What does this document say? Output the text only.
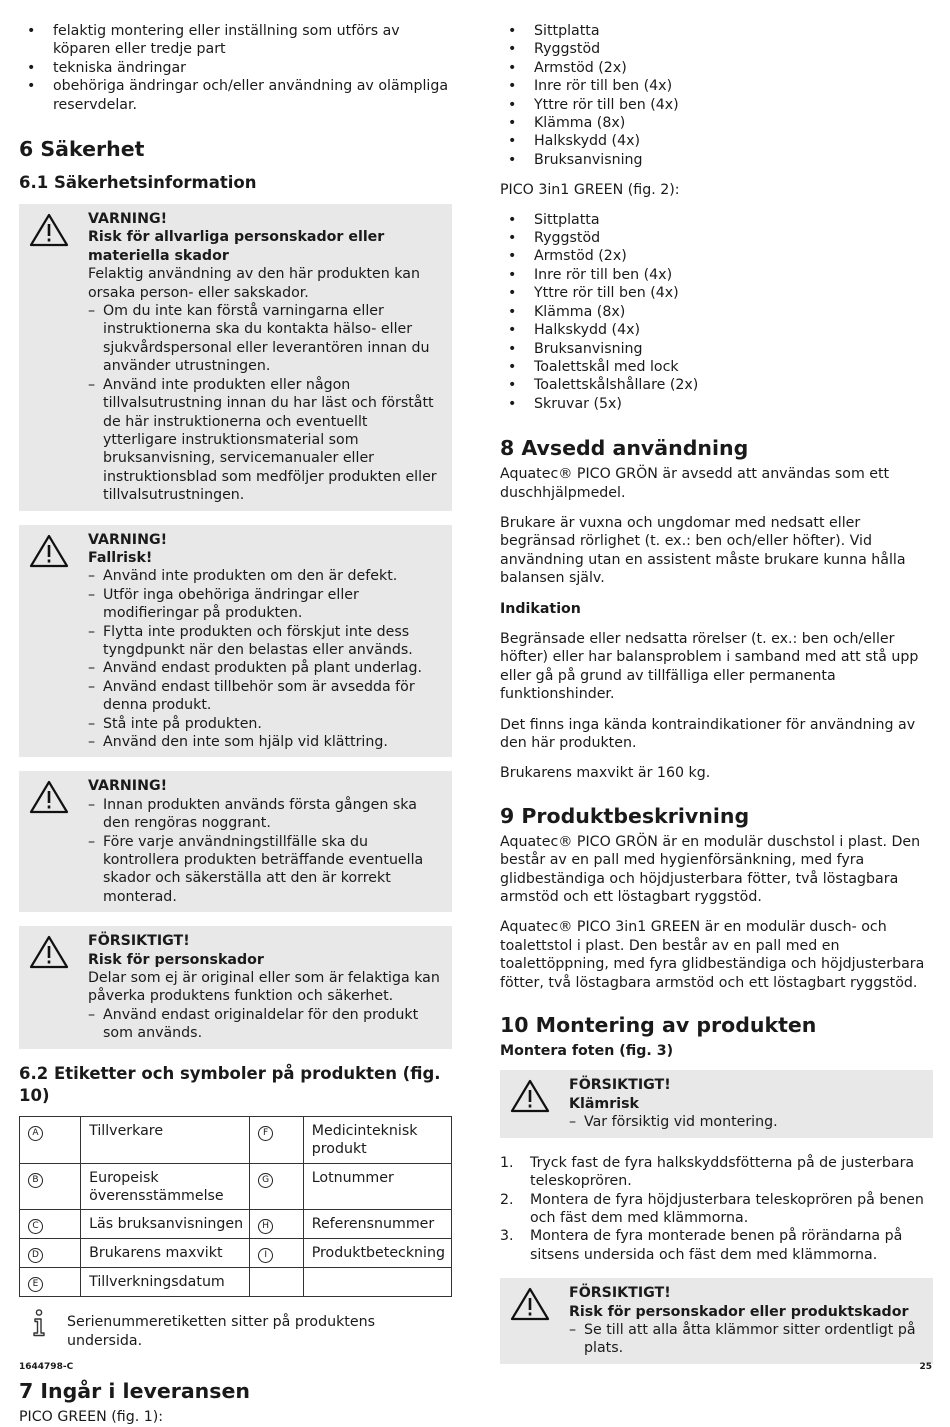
• felaktig montering eller inställning som utförs av köparen eller tredje part
• tekniska ändringar
• obehöriga ändringar och/eller användning av olämpliga reservdelar.
6 Säkerhet
6.1 Säkerhetsinformation
VARNING!
Risk för allvarliga personskador eller materiella skador

Felaktig användning av den här produkten kan orsaka person- eller sakskador.

– Om du inte kan förstå varningarna eller instruktionerna ska du kontakta hälso- eller sjukvårdspersonal eller leverantören innan du använder utrustningen.
– Använd inte produkten eller någon tillvalsutrustning innan du har läst och förstått de här instruktionerna och eventuellt ytterligare instruktionsmaterial som bruksanvisning, servicemanualer eller instruktionsblad som medföljer produkten eller tillvalsutrustningen.
VARNING!
Fallrisk!
– Använd inte produkten om den är defekt.
– Utför inga obehöriga ändringar eller modifieringar på produkten.
– Flytta inte produkten och förskjut inte dess tyngdpunkt när den belastas eller används.
– Använd endast produkten på plant underlag.
– Använd endast tillbehör som är avsedda för denna produkt.
– Stå inte på produkten.
– Använd den inte som hjälp vid klättring.
VARNING!
– Innan produkten används första gången ska den rengöras noggrant.
– Före varje användningstillfälle ska du kontrollera produkten beträffande eventuella skador och säkerställa att den är korrekt monterad.
FÖRSIKTIGT!
Risk för personskador

Delar som ej är original eller som är felaktiga kan påverka produktens funktion och säkerhet.

– Använd endast originaldelar för den produkt som används.
6.2 Etiketter och symboler på produkten (fig. 10)
A	Tillverkare	F	Medicinteknisk produkt
B	Europeisk överensstämmelse	G	Lotnummer
C	Läs bruksanvisningen	H	Referensnummer
D	Brukarens maxvikt	I	Produktbeteckning
E	Tillverkningsdatum		
Serienummeretiketten sitter på produktens undersida.
7 Ingår i leveransen

PICO GREEN (fig. 1):

• Sittplatta
• Ryggstöd
• Armstöd (2x)
• Inre rör till ben (4x)
• Yttre rör till ben (4x)
• Klämma (8x)
• Halkskydd (4x)
• Bruksanvisning

PICO 3in1 GREEN (fig. 2):

• Sittplatta
• Ryggstöd
• Armstöd (2x)
• Inre rör till ben (4x)
• Yttre rör till ben (4x)
• Klämma (8x)
• Halkskydd (4x)
• Bruksanvisning
• Toalettskål med lock
• Toalettskålshållare (2x)
• Skruvar (5x)
8 Avsedd användning

Aquatec® PICO GRÖN är avsedd att användas som ett duschhjälpmedel.

Brukare är vuxna och ungdomar med nedsatt eller begränsad rörlighet (t. ex.: ben och/eller höfter). Vid användning utan en assistent måste brukare kunna hålla balansen själv.

Indikation

Begränsade eller nedsatta rörelser (t. ex.: ben och/eller höfter) eller har balansproblem i samband med att stå upp eller gå på grund av tillfälliga eller permanenta funktionshinder.

Det finns inga kända kontraindikationer för användning av den här produkten.

Brukarens maxvikt är 160 kg.

9 Produktbeskrivning

Aquatec® PICO GRÖN är en modulär duschstol i plast. Den består av en pall med hygienförsänkning, med fyra glidbeständiga och höjdjusterbara fötter, två löstagbara armstöd och ett löstagbart ryggstöd.

Aquatec® PICO 3in1 GREEN är en modulär dusch- och toalettstol i plast. Den består av en pall med en toalettöppning, med fyra glidbeständiga och höjdjusterbara fötter, två löstagbara armstöd och ett löstagbart ryggstöd.

10 Montering av produkten

Montera foten (fig. 3)

FÖRSIKTIGT!
Klämrisk
– Var försiktig vid montering.
1. Tryck fast de fyra halkskyddsfötterna på de justerbara teleskoprören.
2. Montera de fyra höjdjusterbara teleskoprören på benen och fäst dem med klämmorna.
3. Montera de fyra monterade benen på rörändarna på sitsens undersida och fäst dem med klämmorna.
FÖRSIKTIGT!
Risk för personskador eller produktskador
– Se till att alla åtta klämmor sitter ordentligt på plats.
1644798-C	25
